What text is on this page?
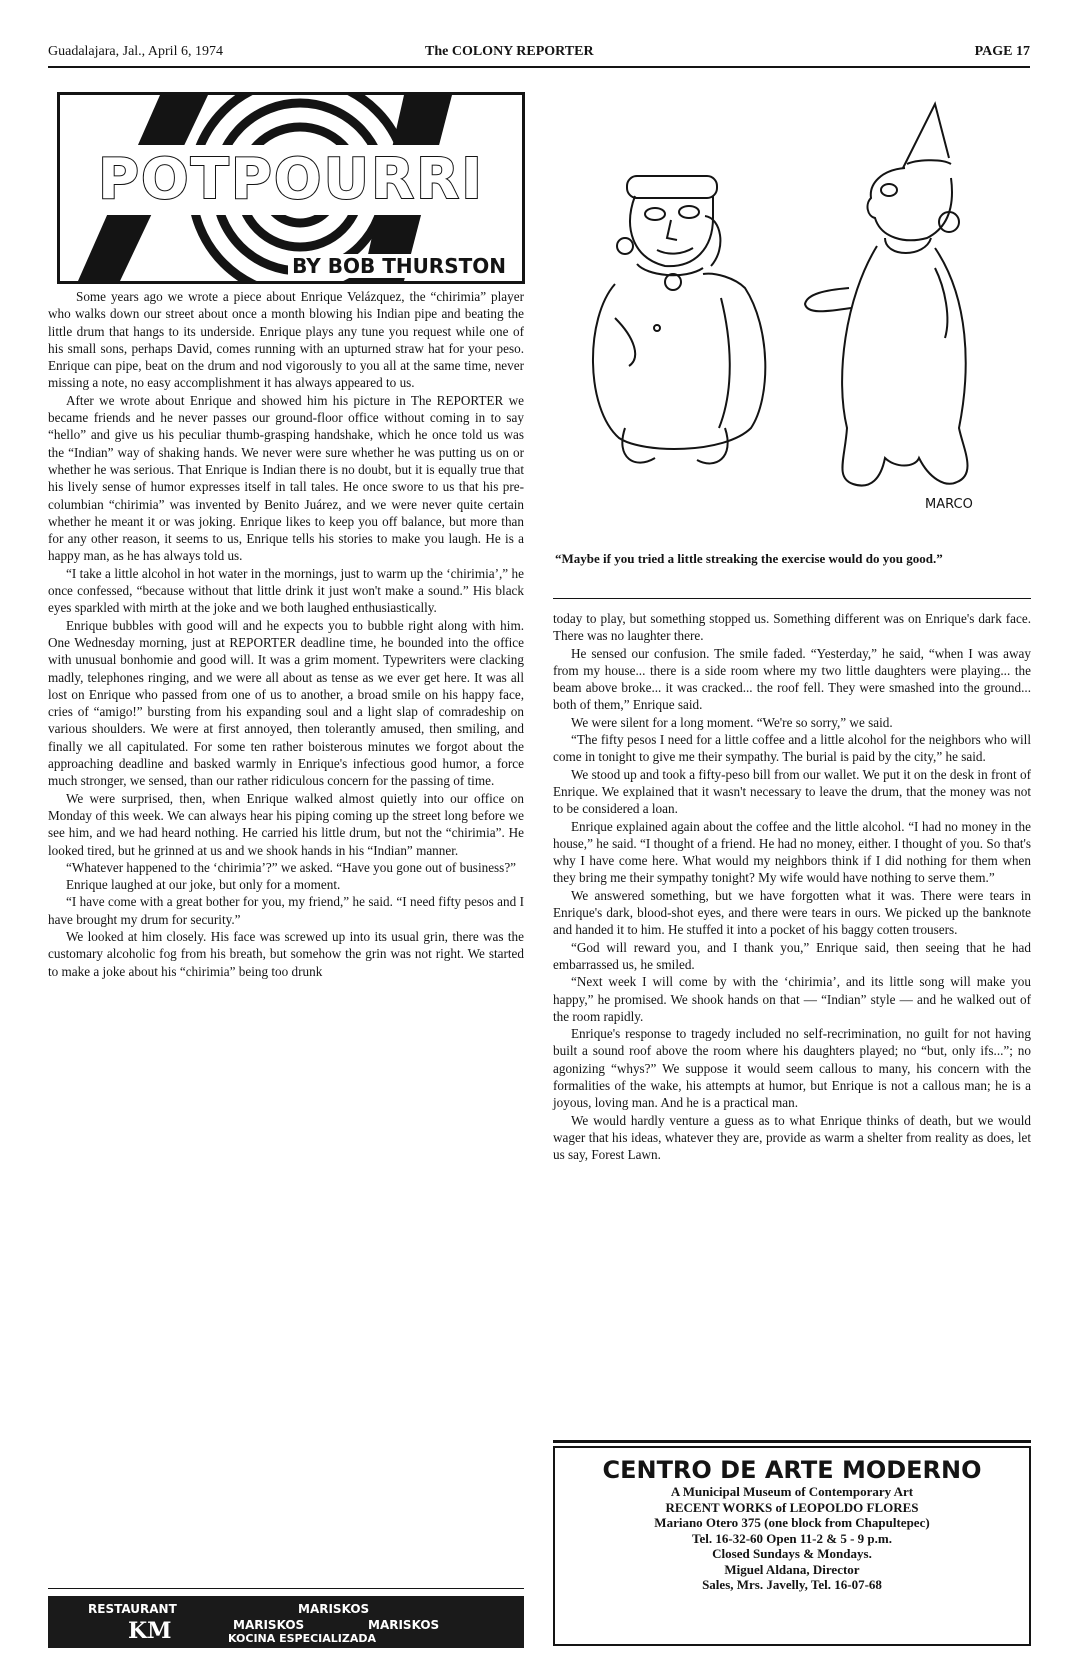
Guadalajara, Jal., April 6, 1974	The COLONY REPORTER	PAGE 17
POTPOURRI
BY BOB THURSTON

Some years ago we wrote a piece about Enrique Velázquez, the “chirimia” player who walks down our street about once a month blowing his Indian pipe and beating the little drum that hangs to its underside. Enrique plays any tune you request while one of his small sons, perhaps David, comes running with an upturned straw hat for your peso. Enrique can pipe, beat on the drum and nod vigorously to you all at the same time, never missing a note, no easy accomplishment it has always appeared to us.

After we wrote about Enrique and showed him his picture in The REPORTER we became friends and he never passes our ground-floor office without coming in to say “hello” and give us his peculiar thumb-grasping handshake, which he once told us was the “Indian” way of shaking hands. We never were sure whether he was putting us on or whether he was serious. That Enrique is Indian there is no doubt, but it is equally true that his lively sense of humor expresses itself in tall tales. He once swore to us that his pre-columbian “chirimia” was invented by Benito Juárez, and we were never quite certain whether he meant it or was joking. Enrique likes to keep you off balance, but more than for any other reason, it seems to us, Enrique tells his stories to make you laugh. He is a happy man, as he has always told us.

“I take a little alcohol in hot water in the mornings, just to warm up the ‘chirimia’,” he once confessed, “because without that little drink it just won't make a sound.” His black eyes sparkled with mirth at the joke and we both laughed enthusiastically.

Enrique bubbles with good will and he expects you to bubble right along with him. One Wednesday morning, just at REPORTER deadline time, he bounded into the office with unusual bonhomie and good will. It was a grim moment. Typewriters were clacking madly, telephones ringing, and we were all about as tense as we ever get here. It was all lost on Enrique who passed from one of us to another, a broad smile on his happy face, cries of “amigo!” bursting from his expanding soul and a light slap of comradeship on various shoulders. We were at first annoyed, then tolerantly amused, then smiling, and finally we all capitulated. For some ten rather boisterous minutes we forgot about the approaching deadline and basked warmly in Enrique's infectious good humor, a force much stronger, we sensed, than our rather ridiculous concern for the passing of time.

We were surprised, then, when Enrique walked almost quietly into our office on Monday of this week. We can always hear his piping coming up the street long before we see him, and we had heard nothing. He carried his little drum, but not the “chirimia”. He looked tired, but he grinned at us and we shook hands in his “Indian” manner.

“Whatever happened to the ‘chirimia’?” we asked. “Have you gone out of business?”

Enrique laughed at our joke, but only for a moment.

“I have come with a great bother for you, my friend,” he said. “I need fifty pesos and I have brought my drum for security.”

We looked at him closely. His face was screwed up into its usual grin, there was the customary alcoholic fog from his breath, but somehow the grin was not right. We started to make a joke about his “chirimia” being too drunk

MARCO
“Maybe if you tried a little streaking the exercise would do you good.”

today to play, but something stopped us. Something different was on Enrique's dark face. There was no laughter there.

He sensed our confusion. The smile faded. “Yesterday,” he said, “when I was away from my house... there is a side room where my two little daughters were playing... the beam above broke... it was cracked... the roof fell. They were smashed into the ground... both of them,” Enrique said.

We were silent for a long moment. “We're so sorry,” we said.

“The fifty pesos I need for a little coffee and a little alcohol for the neighbors who will come in tonight to give me their sympathy. The burial is paid by the city,” he said.

We stood up and took a fifty-peso bill from our wallet. We put it on the desk in front of Enrique. We explained that it wasn't necessary to leave the drum, that the money was not to be considered a loan.

Enrique explained again about the coffee and the little alcohol. “I had no money in the house,” he said. “I thought of a friend. He had no money, either. I thought of you. So that's why I have come here. What would my neighbors think if I did nothing for them when they bring me their sympathy tonight? My wife would have nothing to serve them.”

We answered something, but we have forgotten what it was. There were tears in Enrique's dark, blood-shot eyes, and there were tears in ours. We picked up the banknote and handed it to him. He stuffed it into a pocket of his baggy cotten trousers.

“God will reward you, and I thank you,” Enrique said, then seeing that he had embarrassed us, he smiled.

“Next week I will come by with the ‘chirimia’, and its little song will make you happy,” he promised. We shook hands on that — “Indian” style — and he walked out of the room rapidly.

Enrique's response to tragedy included no self-recrimination, no guilt for not having built a sound roof above the room where his daughters played; no “but, only ifs...”; no agonizing “whys?” We suppose it would seem callous to many, his concern with the formalities of the wake, his attempts at humor, but Enrique is not a callous man; he is a joyous, loving man. And he is a practical man.

We would hardly venture a guess as to what Enrique thinks of death, but we would wager that his ideas, whatever they are, provide as warm a shelter from reality as does, let us say, Forest Lawn.

CENTRO DE ARTE MODERNO
A Municipal Museum of Contemporary Art
RECENT WORKS of LEOPOLDO FLORES
Mariano Otero 375 (one block from Chapultepec)
Tel. 16-32-60 Open 11-2 & 5 - 9 p.m.
Closed Sundays & Mondays.
Miguel Aldana, Director
Sales, Mrs. Javelly, Tel. 16-07-68
RESTAURANT	MARISKOS
MARISKOS	MARISKOS
KOCINA ESPECIALIZADA
KM
